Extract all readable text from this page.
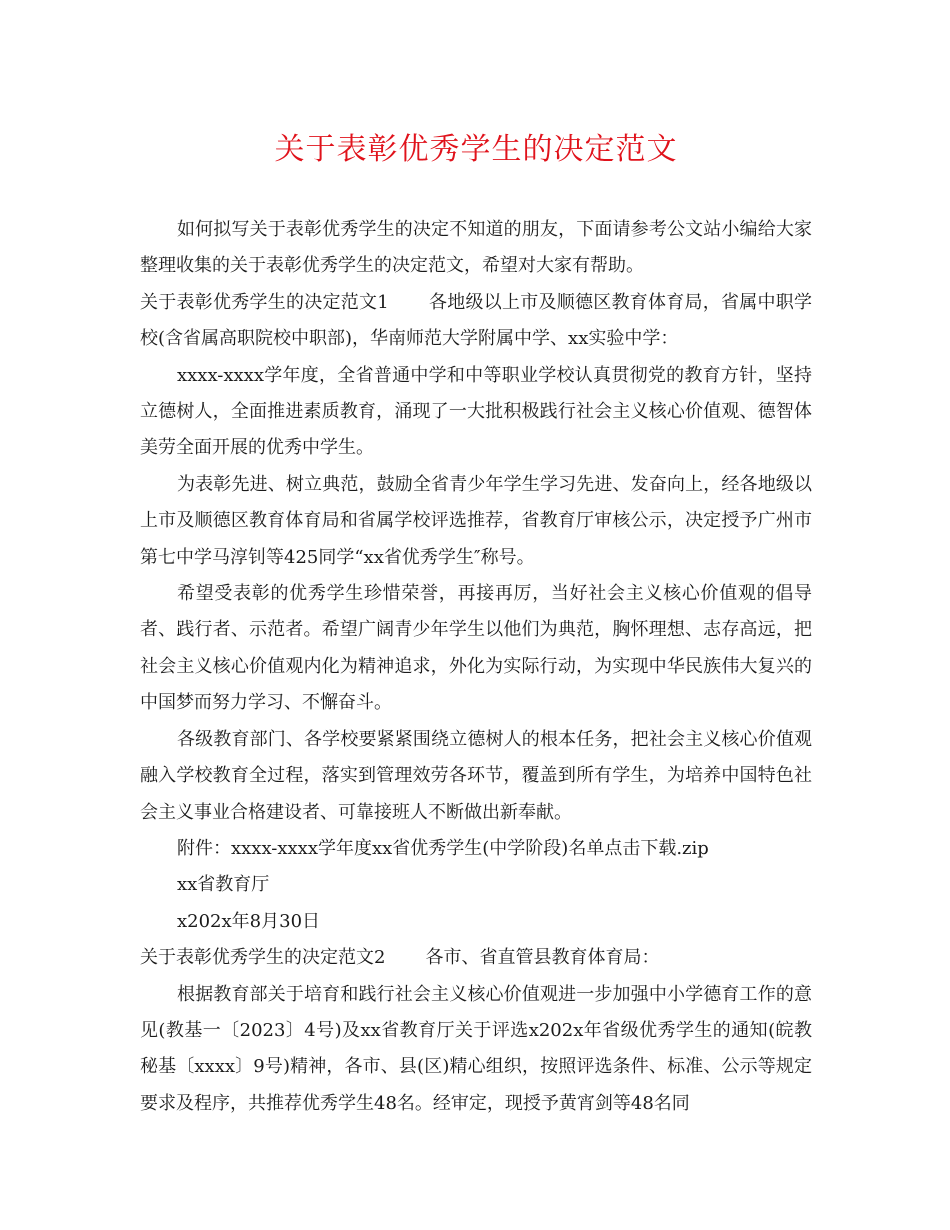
关于表彰优秀学生的决定范文

如何拟写关于表彰优秀学生的决定不知道的朋友，下面请参考公文站小编给大家整理收集的关于表彰优秀学生的决定范文，希望对大家有帮助。

关于表彰优秀学生的决定范文1 各地级以上市及顺德区教育体育局，省属中职学校(含省属高职院校中职部)，华南师范大学附属中学、xx实验中学：

xxxx-xxxx学年度，全省普通中学和中等职业学校认真贯彻党的教育方针，坚持立德树人，全面推进素质教育，涌现了一大批积极践行社会主义核心价值观、德智体美劳全面开展的优秀中学生。

为表彰先进、树立典范，鼓励全省青少年学生学习先进、发奋向上，经各地级以上市及顺德区教育体育局和省属学校评选推荐，省教育厅审核公示，决定授予广州市第七中学马淳钊等425同学“xx省优秀学生″称号。

希望受表彰的优秀学生珍惜荣誉，再接再厉，当好社会主义核心价值观的倡导者、践行者、示范者。希望广阔青少年学生以他们为典范，胸怀理想、志存高远，把社会主义核心价值观内化为精神追求，外化为实际行动，为实现中华民族伟大复兴的中国梦而努力学习、不懈奋斗。

各级教育部门、各学校要紧紧围绕立德树人的根本任务，把社会主义核心价值观融入学校教育全过程，落实到管理效劳各环节，覆盖到所有学生，为培养中国特色社会主义事业合格建设者、可靠接班人不断做出新奉献。

附件：xxxx-xxxx学年度xx省优秀学生(中学阶段)名单点击下载.zip

xx省教育厅

x202x年8月30日

关于表彰优秀学生的决定范文2 各市、省直管县教育体育局：

根据教育部关于培育和践行社会主义核心价值观进一步加强中小学德育工作的意见(教基一〔2023〕4号)及xx省教育厅关于评选x202x年省级优秀学生的通知(皖教秘基〔xxxx〕9号)精神，各市、县(区)精心组织，按照评选条件、标准、公示等规定要求及程序，共推荐优秀学生48名。经审定，现授予黄宵剑等48名同
